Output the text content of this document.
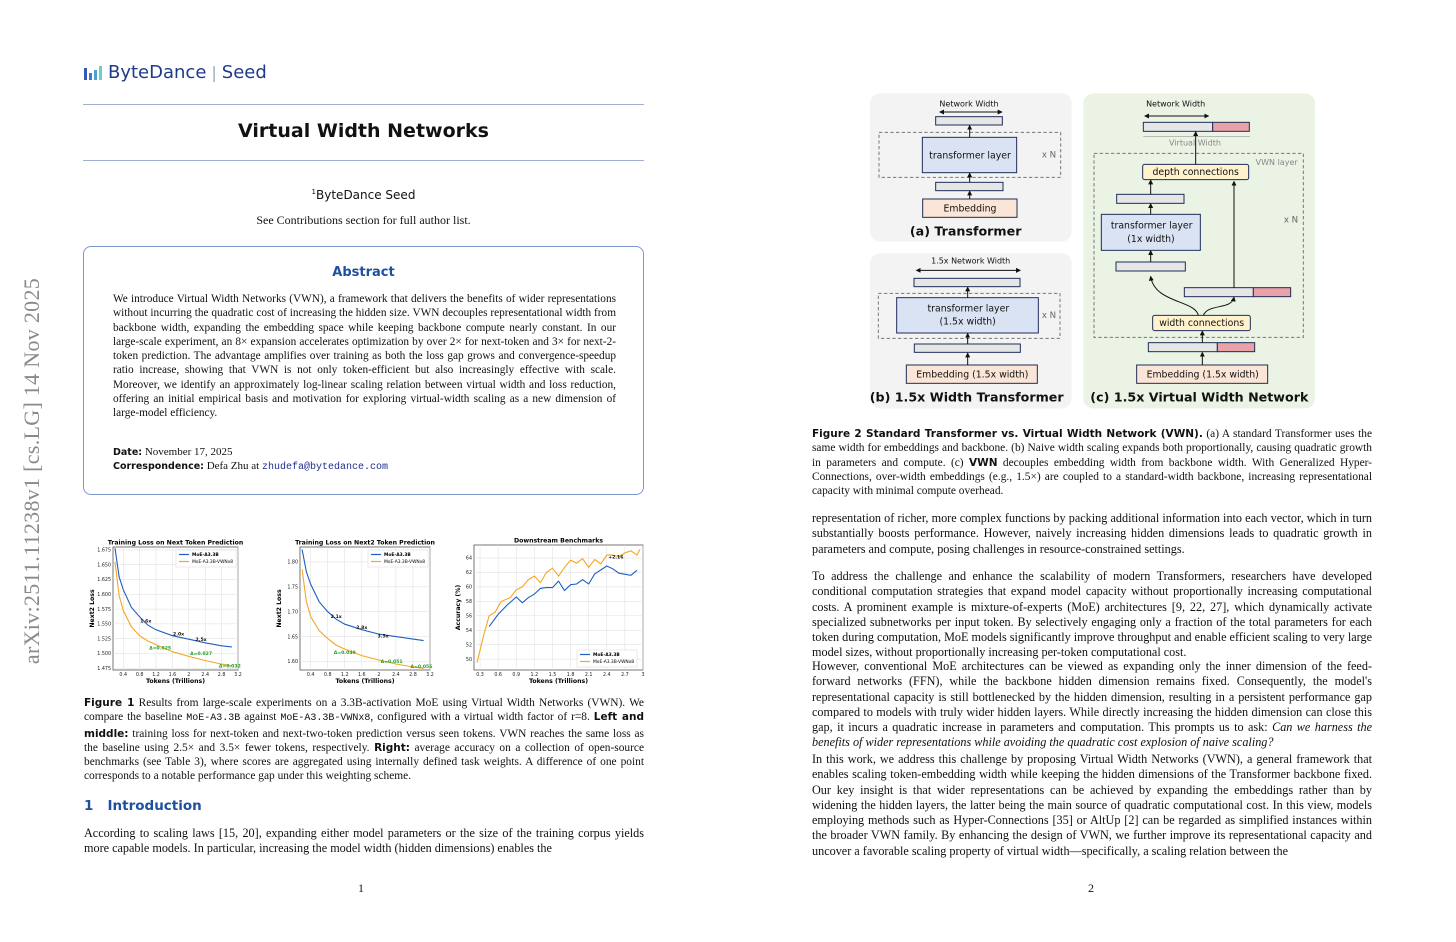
ByteDance | Seed
Virtual Width Networks
$^1$ByteDance Seed
See Contributions section for full author list.
arXiv:2511.11238v1 [cs.LG] 14 Nov 2025
Abstract
We introduce Virtual Width Networks (VWN), a framework that delivers the benefits of wider representations without incurring the quadratic cost of increasing the hidden size. VWN decouples representational width from backbone width, expanding the embedding space while keeping backbone compute nearly constant. In our large-scale experiment, an 8× expansion accelerates optimization by over 2× for next-token and 3× for next-2-token prediction. The advantage amplifies over training as both the loss gap grows and convergence-speedup ratio increase, showing that VWN is not only token-efficient but also increasingly effective with scale. Moreover, we identify an approximately log-linear scaling relation between virtual width and loss reduction, offering an initial empirical basis and motivation for exploring virtual-width scaling as a new dimension of large-model efficiency.
Date: November 17, 2025
Correspondence: Defa Zhu at zhudefa@bytedance.com
0.4 0.8 1.2 1.6 2 2.4 2.8 3.2
1.475
1.500
1.525
1.550
1.575
1.600
1.625
1.650
1.675
Training Loss on Next Token Prediction
Tokens (Trillions)
Next2 Loss	1.6x
2.0x
2.5x
Δ=0.025
Δ=0.027
Δ=0.032
MoE-A3.3B
MoE-A3.3B-VWNx8
0.4 0.8 1.2 1.6 2 2.4 2.8 3.2
1.60
1.65
1.70
1.75
1.80
Training Loss on Next2 Token Prediction
Tokens (Trillions)
Next2 Loss	2.1x
2.8x
3.5x
Δ=0.049
Δ=0.051
Δ=0.056
MoE-A3.3B
MoE-A3.3B-VWNx8
0.3 0.6 0.9 1.2 1.5 1.8 2.1 2.4 2.7	3
50
52
54
56
58
60
62
64
Downstream Benchmarks
Tokens (Trillions)
Accuracy (%)
+2.16
MoE-A3.3B
MoE-A3.3B-VWNx8
Figure 1 Results from large-scale experiments on a 3.3B-activation MoE using Virtual Width Networks (VWN). We compare the baseline MoE-A3.3B against MoE-A3.3B-VWNx8, configured with a virtual width factor of r=8. Left and middle: training loss for next-token and next-two-token prediction versus seen tokens. VWN reaches the same loss as the baseline using 2.5× and 3.5× fewer tokens, respectively. Right: average accuracy on a collection of open-source benchmarks (see Table 3), where scores are aggregated using internally defined task weights. A difference of one point corresponds to a notable performance gap under this weighting scheme.
1 Introduction
According to scaling laws [15, 20], expanding either model parameters or the size of the training corpus yields more capable models. In particular, increasing the model width (hidden dimensions) enables the
1
Network Width
transformer layer x N
Embedding
(a) Transformer
1.5x Network Width
transformer layer
(1.5x width)
x N
Embedding (1.5x width)
(b) 1.5x Width Transformer
Network Width
Virtual Width
VWN layer
depth connections
transformer layer
(1x width)
x N
width connections
Embedding (1.5x width)
(c) 1.5x Virtual Width Network
Figure 2 Standard Transformer vs. Virtual Width Network (VWN). (a) A standard Transformer uses the same width for embeddings and backbone. (b) Naive width scaling expands both proportionally, causing quadratic growth in parameters and compute. (c) VWN decouples embedding width from backbone width. With Generalized Hyper-Connections, over-width embeddings (e.g., 1.5×) are coupled to a standard-width backbone, increasing representational capacity with minimal compute overhead.
representation of richer, more complex functions by packing additional information into each vector, which in turn substantially boosts performance. However, naively increasing hidden dimensions leads to quadratic growth in parameters and compute, posing challenges in resource-constrained settings.
To address the challenge and enhance the scalability of modern Transformers, researchers have developed conditional computation strategies that expand model capacity without proportionally increasing computational costs. A prominent example is mixture-of-experts (MoE) architectures [9, 22, 27], which dynamically activate specialized subnetworks per input token. By selectively engaging only a fraction of the total parameters for each token during computation, MoE models significantly improve throughput and enable efficient scaling to very large model sizes, without proportionally increasing per-token computational cost.
However, conventional MoE architectures can be viewed as expanding only the inner dimension of the feed-forward networks (FFN), while the backbone hidden dimension remains fixed. Consequently, the model's representational capacity is still bottlenecked by the hidden dimension, resulting in a persistent performance gap compared to models with truly wider hidden layers. While directly increasing the hidden dimension can close this gap, it incurs a quadratic increase in parameters and computation. This prompts us to ask: Can we harness the benefits of wider representations while avoiding the quadratic cost explosion of naive scaling?
In this work, we address this challenge by proposing Virtual Width Networks (VWN), a general framework that enables scaling token-embedding width while keeping the hidden dimensions of the Transformer backbone fixed. Our key insight is that wider representations can be achieved by expanding the embeddings rather than by widening the hidden layers, the latter being the main source of quadratic computational cost. In this view, models employing methods such as Hyper-Connections [35] or AltUp [2] can be regarded as simplified instances within the broader VWN family. By enhancing the design of VWN, we further improve its representational capacity and uncover a favorable scaling property of virtual width—specifically, a scaling relation between the
2
